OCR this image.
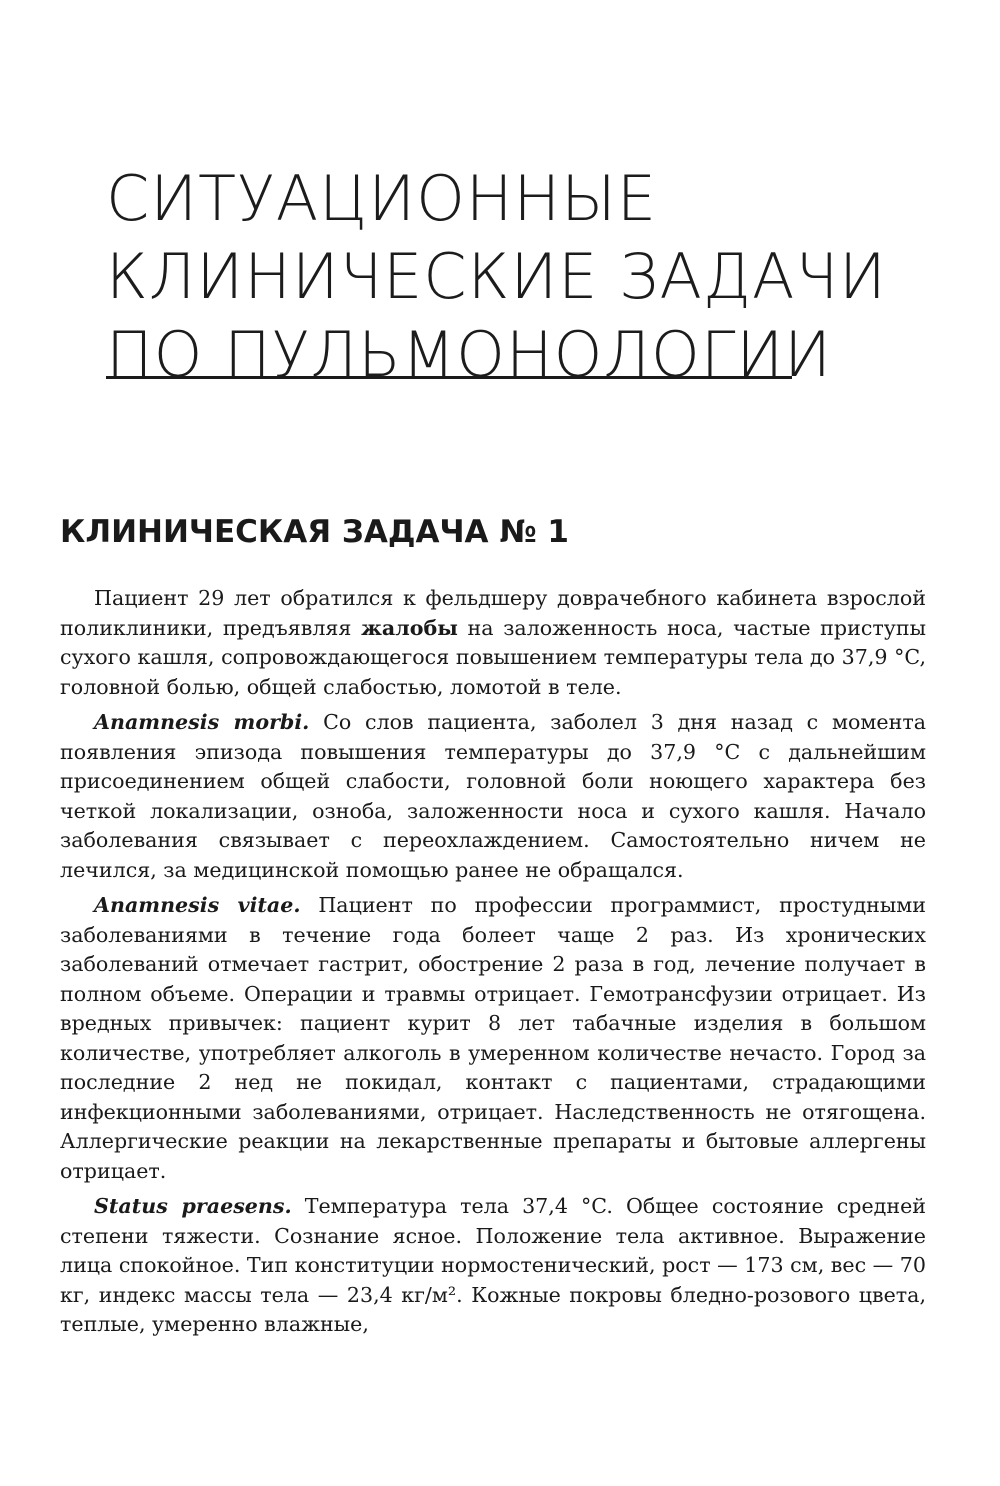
СИТУАЦИОННЫЕ
КЛИНИЧЕСКИЕ ЗАДАЧИ
ПО ПУЛЬМОНОЛОГИИ
КЛИНИЧЕСКАЯ ЗАДАЧА № 1

Пациент 29 лет обратился к фельдшеру доврачебного кабинета взрослой поликлиники, предъявляя жалобы на заложенность носа, частые приступы сухого кашля, сопровождающегося повышением температуры тела до 37,9 °C, головной болью, общей слабостью, ломотой в теле.

Anamnesis morbi. Со слов пациента, заболел 3 дня назад с момента появления эпизода повышения температуры до 37,9 °C с дальнейшим присоединением общей слабости, головной боли ноющего характера без четкой локализации, озноба, заложенности носа и сухого кашля. Начало заболевания связывает с переохлаждением. Самостоятельно ничем не лечился, за медицинской помощью ранее не обращался.

Anamnesis vitae. Пациент по профессии программист, простудными заболеваниями в течение года болеет чаще 2 раз. Из хронических заболеваний отмечает гастрит, обострение 2 раза в год, лечение получает в полном объеме. Операции и травмы отрицает. Гемотрансфузии отрицает. Из вредных привычек: пациент курит 8 лет табачные изделия в большом количестве, употребляет алкоголь в умеренном количестве нечасто. Город за последние 2 нед не покидал, контакт с пациентами, страдающими инфекционными заболеваниями, отрицает. Наследственность не отягощена. Аллергические реакции на лекарственные препараты и бытовые аллергены отрицает.

Status praesens. Температура тела 37,4 °C. Общее состояние средней степени тяжести. Сознание ясное. Положение тела активное. Выражение лица спокойное. Тип конституции нормостенический, рост — 173 см, вес — 70 кг, индекс массы тела — 23,4 кг/м². Кожные покровы бледно-розового цвета, теплые, умеренно влажные,
